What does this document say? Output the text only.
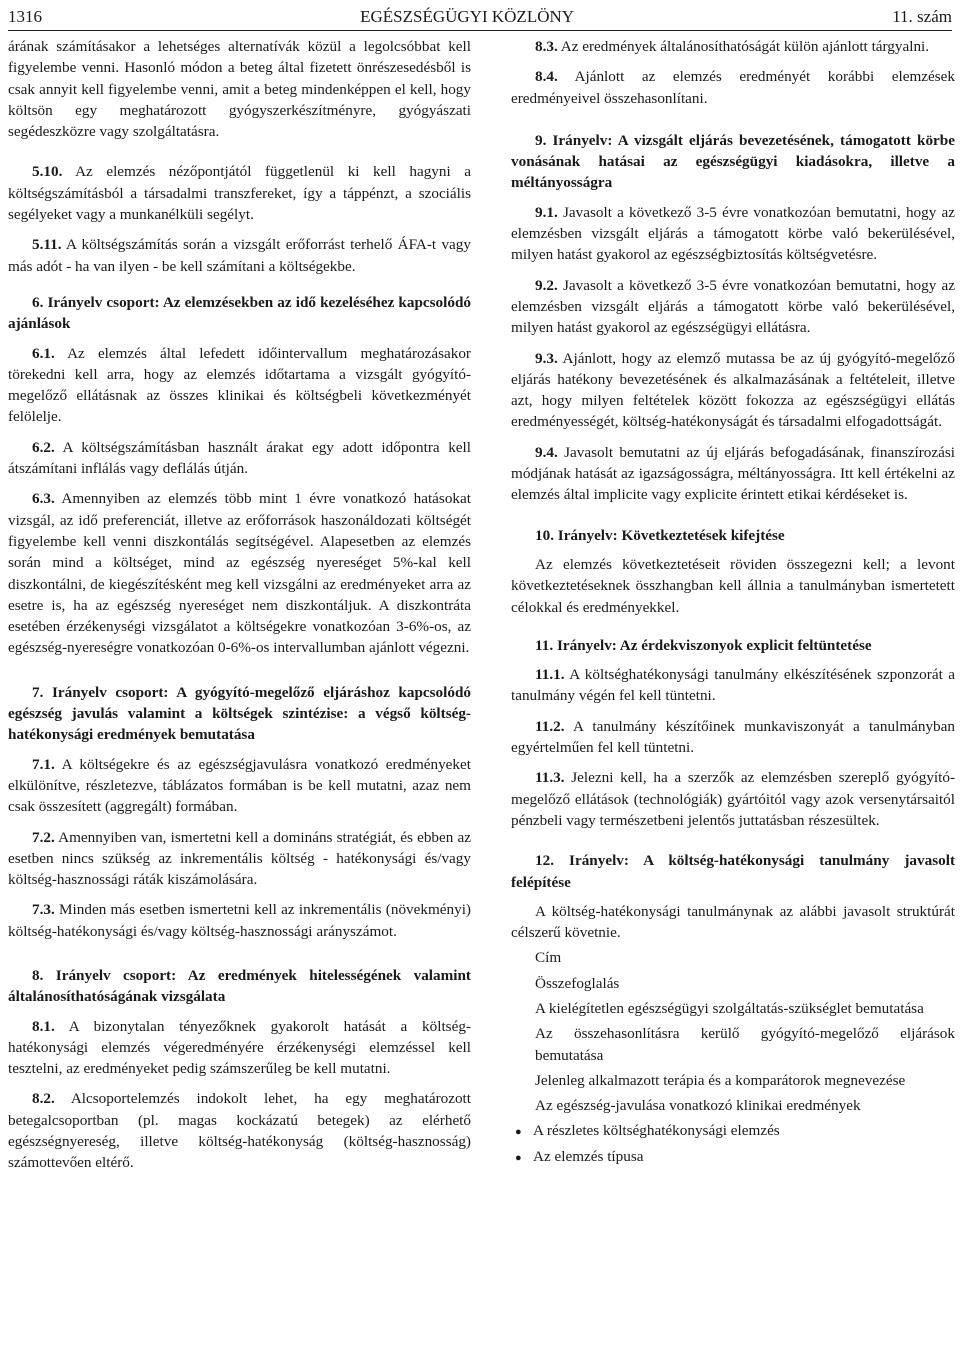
1316	EGÉSZSÉGÜGYI KÖZLÖNY	11. szám

árának számításakor a lehetséges alternatívák közül a legolcsóbbat kell figyelembe venni. Hasonló módon a beteg által fizetett önrészesedésből is csak annyit kell figyelembe venni, amit a beteg mindenképpen el kell, hogy költsön egy meghatározott gyógyszerkészítményre, gyógyászati segédeszközre vagy szolgáltatásra.

5.10. Az elemzés nézőpontjától függetlenül ki kell hagyni a költségszámításból a társadalmi transzfereket, így a táppénzt, a szociális segélyeket vagy a munkanélküli segélyt.

5.11. A költségszámítás során a vizsgált erőforrást terhelő ÁFA-t vagy más adót - ha van ilyen - be kell számítani a költségekbe.

6. Irányelv csoport: Az elemzésekben az idő kezeléséhez kapcsolódó ajánlások

6.1. Az elemzés által lefedett időintervallum meghatározásakor törekedni kell arra, hogy az elemzés időtartama a vizsgált gyógyító-megelőző ellátásnak az összes klinikai és költségbeli következményét felölelje.

6.2. A költségszámításban használt árakat egy adott időpontra kell átszámítani inflálás vagy deflálás útján.

6.3. Amennyiben az elemzés több mint 1 évre vonatkozó hatásokat vizsgál, az idő preferenciát, illetve az erőforrások haszonáldozati költségét figyelembe kell venni diszkontálás segítségével. Alapesetben az elemzés során mind a költséget, mind az egészség nyereséget 5%-kal kell diszkontálni, de kiegészítésként meg kell vizsgálni az eredményeket arra az esetre is, ha az egészség nyereséget nem diszkontáljuk. A diszkontráta esetében érzékenységi vizsgálatot a költségekre vonatkozóan 3-6%-os, az egészség-nyereségre vonatkozóan 0-6%-os intervallumban ajánlott végezni.

7. Irányelv csoport: A gyógyító-megelőző eljáráshoz kapcsolódó egészség javulás valamint a költségek szintézise: a végső költség-hatékonysági eredmények bemutatása

7.1. A költségekre és az egészségjavulásra vonatkozó eredményeket elkülönítve, részletezve, táblázatos formában is be kell mutatni, azaz nem csak összesített (aggregált) formában.

7.2. Amennyiben van, ismertetni kell a domináns stratégiát, és ebben az esetben nincs szükség az inkrementális költség - hatékonysági és/vagy költség-hasznossági ráták kiszámolására.

7.3. Minden más esetben ismertetni kell az inkrementális (növekményi) költség-hatékonysági és/vagy költség-hasznossági arányszámot.

8. Irányelv csoport: Az eredmények hitelességének valamint általánosíthatóságának vizsgálata

8.1. A bizonytalan tényezőknek gyakorolt hatását a költség-hatékonysági elemzés végeredményére érzékenységi elemzéssel kell tesztelni, az eredményeket pedig számszerűleg be kell mutatni.

8.2. Alcsoportelemzés indokolt lehet, ha egy meghatározott betegalcsoportban (pl. magas kockázatú betegek) az elérhető egészségnyereség, illetve költség-hatékonyság (költség-hasznosság) számottevően eltérő.

8.3. Az eredmények általánosíthatóságát külön ajánlott tárgyalni.

8.4. Ajánlott az elemzés eredményét korábbi elemzések eredményeivel összehasonlítani.

9. Irányelv: A vizsgált eljárás bevezetésének, támogatott körbe vonásának hatásai az egészségügyi kiadásokra, illetve a méltányosságra

9.1. Javasolt a következő 3-5 évre vonatkozóan bemutatni, hogy az elemzésben vizsgált eljárás a támogatott körbe való bekerülésével, milyen hatást gyakorol az egészségbiztosítás költségvetésre.

9.2. Javasolt a következő 3-5 évre vonatkozóan bemutatni, hogy az elemzésben vizsgált eljárás a támogatott körbe való bekerülésével, milyen hatást gyakorol az egészségügyi ellátásra.

9.3. Ajánlott, hogy az elemző mutassa be az új gyógyító-megelőző eljárás hatékony bevezetésének és alkalmazásának a feltételeit, illetve azt, hogy milyen feltételek között fokozza az egészségügyi ellátás eredményességét, költség-hatékonyságát és társadalmi elfogadottságát.

9.4. Javasolt bemutatni az új eljárás befogadásának, finanszírozási módjának hatását az igazságosságra, méltányosságra. Itt kell értékelni az elemzés által implicite vagy explicite érintett etikai kérdéseket is.

10. Irányelv: Következtetések kifejtése

Az elemzés következtetéseit röviden összegezni kell; a levont következtetéseknek összhangban kell állnia a tanulmányban ismertetett célokkal és eredményekkel.

11. Irányelv: Az érdekviszonyok explicit feltüntetése

11.1. A költséghatékonysági tanulmány elkészítésének szponzorát a tanulmány végén fel kell tüntetni.

11.2. A tanulmány készítőinek munkaviszonyát a tanulmányban egyértelműen fel kell tüntetni.

11.3. Jelezni kell, ha a szerzők az elemzésben szereplő gyógyító-megelőző ellátások (technológiák) gyártóitól vagy azok versenytársaitól pénzbeli vagy természetbeni jelentős juttatásban részesültek.

12. Irányelv: A költség-hatékonysági tanulmány javasolt felépítése

A költség-hatékonysági tanulmánynak az alábbi javasolt struktúrát célszerű követnie.

Cím

Összefoglalás

A kielégítetlen egészségügyi szolgáltatás-szükséglet bemutatása

Az összehasonlításra kerülő gyógyító-megelőző eljárások bemutatása

Jelenleg alkalmazott terápia és a komparátorok megnevezése

Az egészség-javulása vonatkozó klinikai eredmények

● A részletes költséghatékonysági elemzés
● Az elemzés típusa
